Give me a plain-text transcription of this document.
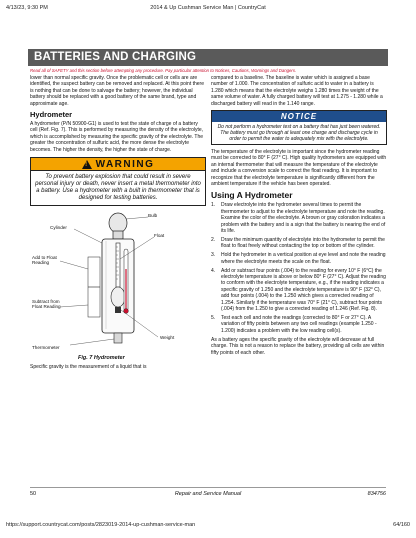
4/13/23, 9:30 PM	2014 & Up Cushman Service Man | CountryCat
BATTERIES AND CHARGING
Read all of SAFETY and this section before attempting any procedure. Pay particular attention to Notices, Cautions, Warnings and Dangers.

lower than normal specific gravity. Once the problematic cell or cells are are identified, the suspect battery can be removed and replaced. At this point there is nothing that can be done to salvage the battery; however, the individual battery should be replaced with a good battery of the same brand, type and approximate age.

Hydrometer

A hydrometer (P/N 50900-G1) is used to test the state of charge of a battery cell (Ref. Fig. 7). This is performed by measuring the density of the electrolyte, which is accomplished by measuring the specific gravity of the electrolyte. The greater the concentration of sulfuric acid, the more dense the electrolyte becomes. The higher the density, the higher the state of charge.

! WARNING
To prevent battery explosion that could result in severe personal injury or death, never insert a metal thermometer into a battery. Use a hydrometer with a built in thermometer that is designed for testing batteries.
Bulb
Cylinder
Float
Add to Float Reading
Subtract from Float Reading
Weight
Thermometer
Fig. 7 Hydrometer

Specific gravity is the measurement of a liquid that is

compared to a baseline. The baseline is water which is assigned a base number of 1.000. The concentration of sulfuric acid to water in a battery is 1.280 which means that the electrolyte weighs 1.280 times the weight of the same volume of water. A fully charged battery will test at 1.275 - 1.280 while a discharged battery will read in the 1.140 range.

NOTICE
Do not perform a hydrometer test on a battery that has just been watered. The battery must go through at least one charge and discharge cycle in order to permit the water to adequately mix with the electrolyte.

The temperature of the electrolyte is important since the hydrometer reading must be corrected to 80° F (27° C). High quality hydrometers are equipped with an internal thermometer that will measure the temperature of the electrolyte and include a conversion scale to correct the float reading. It is important to recognize that the electrolyte temperature is significantly different from the ambient temperature if the vehicle has been operated.

Using A Hydrometer
1.	Draw electrolyte into the hydrometer several times to permit the thermometer to adjust to the electrolyte temperature and note the reading. Examine the color of the electrolyte. A brown or gray coloration indicates a problem with the battery and is a sign that the battery is nearing the end of its life.
2.	Draw the minimum quantity of electrolyte into the hydrometer to permit the float to float freely without contacting the top or bottom of the cylinder.
3.	Hold the hydrometer in a vertical position at eye level and note the reading where the electrolyte meets the scale on the float.
4.	Add or subtract four points (.004) to the reading for every 10° F (6°C) the electrolyte temperature is above or below 80° F (27° C). Adjust the reading to conform with the electrolyte temperature, e.g., if the reading indicates a specific gravity of 1.250 and the electrolyte temperature is 90° F (32° C), add four points (.004) to the 1.250 which gives a corrected reading of 1.254. Similarly if the temperature was 70° F (21° C), subtract four points (.004) from the 1.250 to give a corrected reading of 1.246 (Ref. Fig. 8).
5.	Test each cell and note the readings (corrected to 80° F or 27° C). A variation of fifty points between any two cell readings (example 1.250 - 1.200) indicates a problem with the low reading cell(s).

As a battery ages the specific gravity of the electrolyte will decrease at full charge. This is not a reason to replace the battery, providing all cells are within fifty points of each other.

50	Repair and Service Manual	834756
https://support.countrycat.com/posts/2823019-2014-up-cushman-service-man	64/160
